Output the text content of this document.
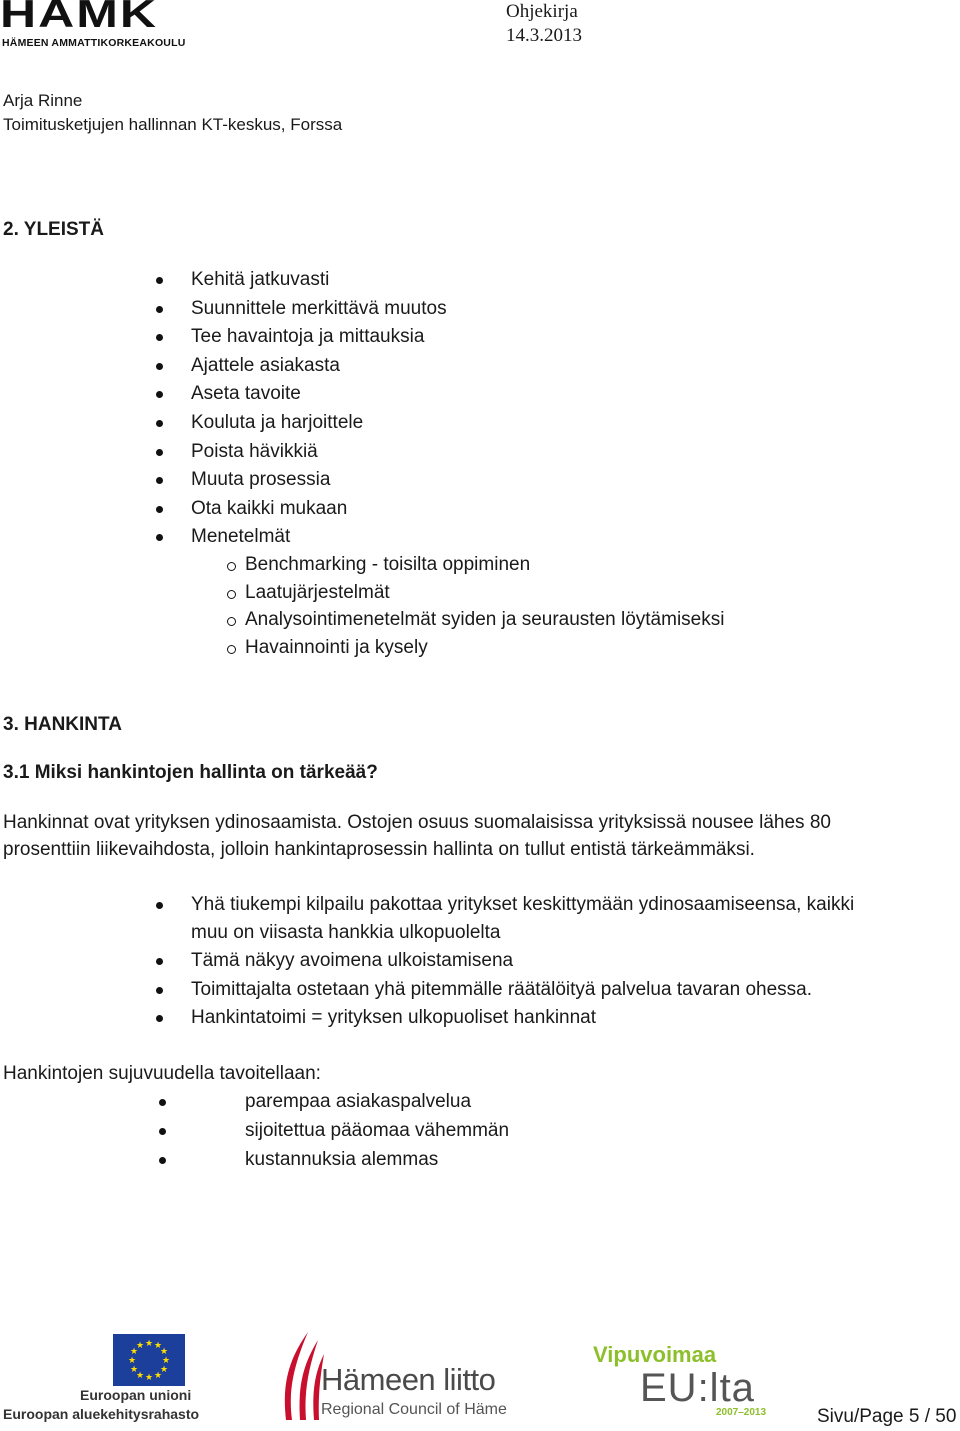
HAMK
HÄMEEN AMMATTIKORKEAKOULU
Ohjekirja
14.3.2013
Arja Rinne
Toimitusketjujen hallinnan KT-keskus, Forssa
2. YLEISTÄ
Kehitä jatkuvasti
Suunnittele merkittävä muutos
Tee havaintoja ja mittauksia
Ajattele asiakasta
Aseta tavoite
Kouluta ja harjoittele
Poista hävikkiä
Muuta prosessia
Ota kaikki mukaan
Menetelmät
Benchmarking - toisilta oppiminen
Laatujärjestelmät
Analysointimenetelmät syiden ja seurausten löytämiseksi
Havainnointi ja kysely
3. HANKINTA
3.1 Miksi hankintojen hallinta on tärkeää?
Hankinnat ovat yrityksen ydinosaamista. Ostojen osuus suomalaisissa yrityksissä nousee lähes 80
prosenttiin liikevaihdosta, jolloin hankintaprosessin hallinta on tullut entistä tärkeämmäksi.
Yhä tiukempi kilpailu pakottaa yritykset keskittymään ydinosaamiseensa, kaikki
muu on viisasta hankkia ulkopuolelta
Tämä näkyy avoimena ulkoistamisena
Toimittajalta ostetaan yhä pitemmälle räätälöityä palvelua tavaran ohessa.
Hankintatoimi = yrityksen ulkopuoliset hankinnat
Hankintojen sujuvuudella tavoitellaan:
parempaa asiakaspalvelua
sijoitettua pääomaa vähemmän
kustannuksia alemmas
★ ★
★
★
★
★
★
★
★
★
★
★
Euroopan unioni
Euroopan aluekehitysrahasto
Hämeen liitto
Regional Council of Häme
Vipuvoimaa
EU:lta
2007–2013	Sivu/Page 5 / 50
